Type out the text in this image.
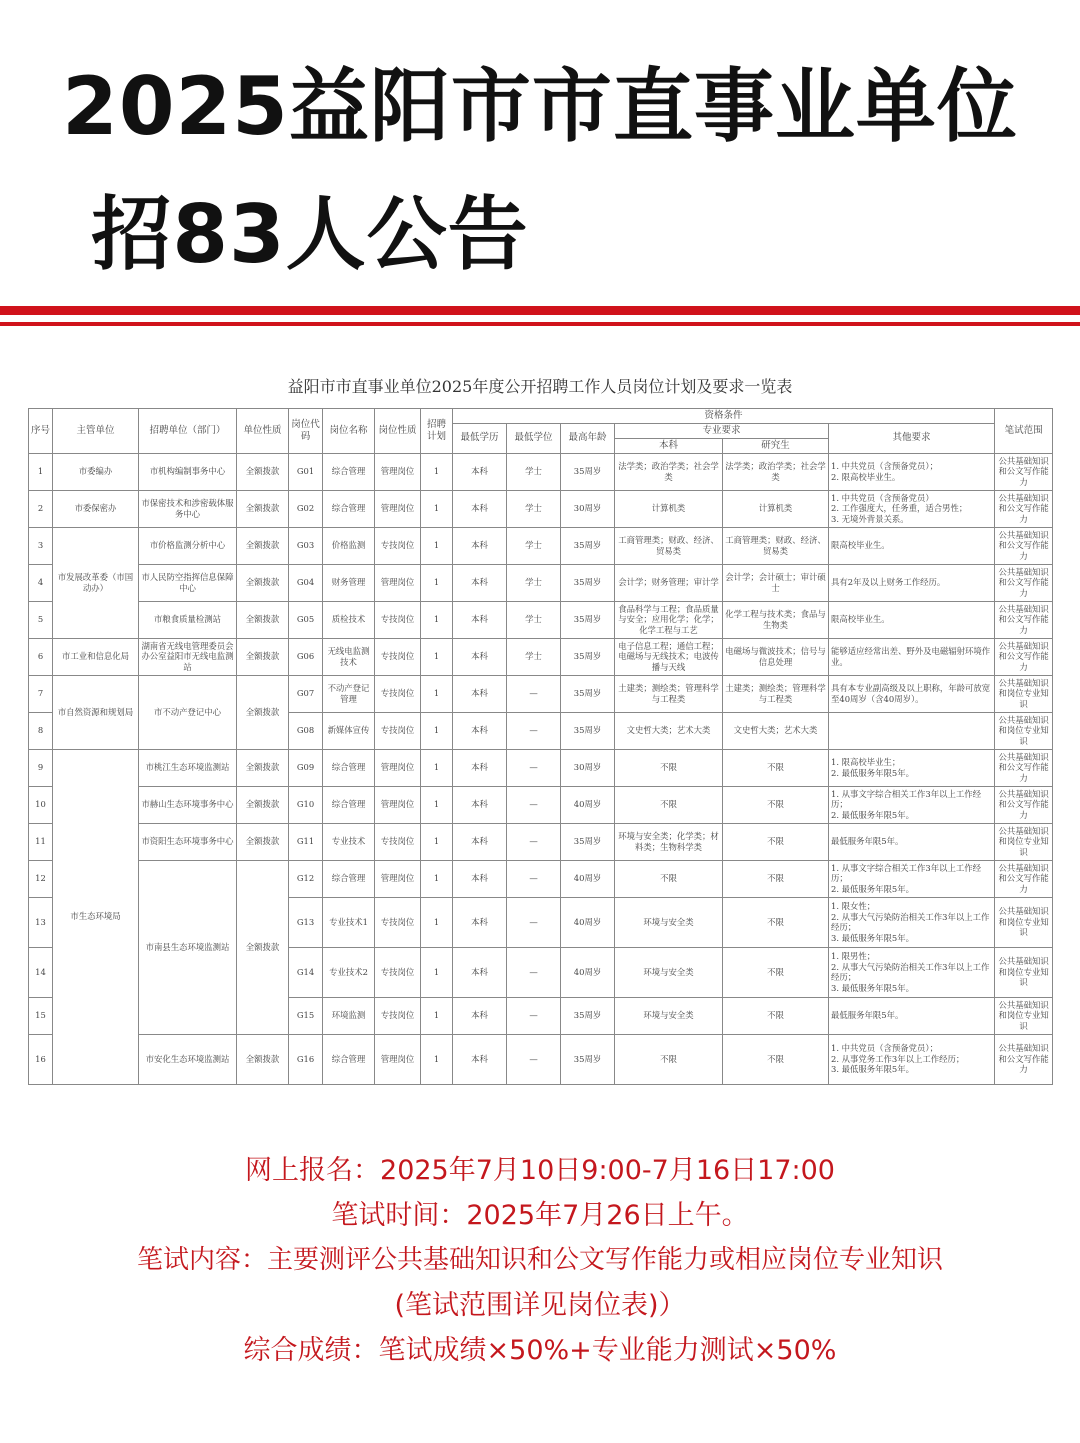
2025益阳市市直事业单位
招83人公告
益阳市市直事业单位2025年度公开招聘工作人员岗位计划及要求一览表
序号	主管单位	招聘单位（部门）	单位性质	岗位代码	岗位名称	岗位性质	招聘计划	资格条件						笔试范围
								最低学历	最低学位	最高年龄	专业要求		其他要求	
											本科	研究生		
1	市委编办	市机构编制事务中心	全额拨款	G01	综合管理	管理岗位	1	本科	学士	35周岁	法学类；政治学类；社会学类	法学类；政治学类；社会学类	1. 中共党员（含预备党员）；
2. 限高校毕业生。	公共基础知识和公文写作能力
2	市委保密办	市保密技术和涉密载体服务中心	全额拨款	G02	综合管理	管理岗位	1	本科	学士	30周岁	计算机类	计算机类	1. 中共党员（含预备党员）
2. 工作强度大，任务重，适合男性；
3. 无境外背景关系。	公共基础知识和公文写作能力
3	市发展改革委（市国动办）	市价格监测分析中心	全额拨款	G03	价格监测	专技岗位	1	本科	学士	35周岁	工商管理类；财政、经济、贸易类	工商管理类；财政、经济、贸易类	限高校毕业生。	公共基础知识和公文写作能力
4		市人民防空指挥信息保障中心	全额拨款	G04	财务管理	管理岗位	1	本科	学士	35周岁	会计学；财务管理；审计学	会计学；会计硕士；审计硕士	具有2年及以上财务工作经历。	公共基础知识和公文写作能力
5		市粮食质量检测站	全额拨款	G05	质检技术	专技岗位	1	本科	学士	35周岁	食品科学与工程；食品质量与安全；应用化学；化学；化学工程与工艺	化学工程与技术类；食品与生物类	限高校毕业生。	公共基础知识和公文写作能力
6	市工业和信息化局	湖南省无线电管理委员会办公室益阳市无线电监测站	全额拨款	G06	无线电监测技术	专技岗位	1	本科	学士	35周岁	电子信息工程；通信工程；电磁场与无线技术；电波传播与天线	电磁场与微波技术；信号与信息处理	能够适应经常出差、野外及电磁辐射环境作业。	公共基础知识和公文写作能力
7	市自然资源和规划局	市不动产登记中心	全额拨款	G07	不动产登记管理	专技岗位	1	本科	—	35周岁	土建类；测绘类；管理科学与工程类	土建类；测绘类；管理科学与工程类	具有本专业副高级及以上职称，年龄可放宽至40周岁（含40周岁）。	公共基础知识和岗位专业知识
8				G08	新媒体宣传	专技岗位	1	本科	—	35周岁	文史哲大类；艺术大类	文史哲大类；艺术大类		公共基础知识和岗位专业知识
9	市生态环境局	市桃江生态环境监测站	全额拨款	G09	综合管理	管理岗位	1	本科	—	30周岁	不限	不限	1. 限高校毕业生；
2. 最低服务年限5年。	公共基础知识和公文写作能力
10		市赫山生态环境事务中心	全额拨款	G10	综合管理	管理岗位	1	本科	—	40周岁	不限	不限	1. 从事文字综合相关工作3年以上工作经历；
2. 最低服务年限5年。	公共基础知识和公文写作能力
11		市资阳生态环境事务中心	全额拨款	G11	专业技术	专技岗位	1	本科	—	35周岁	环境与安全类；化学类；材料类；生物科学类	不限	最低服务年限5年。	公共基础知识和岗位专业知识
12		市南县生态环境监测站	全额拨款	G12	综合管理	管理岗位	1	本科	—	40周岁	不限	不限	1. 从事文字综合相关工作3年以上工作经历；
2. 最低服务年限5年。	公共基础知识和公文写作能力
13				G13	专业技术1	专技岗位	1	本科	—	40周岁	环境与安全类	不限	1. 限女性；
2. 从事大气污染防治相关工作3年以上工作经历；
3. 最低服务年限5年。	公共基础知识和岗位专业知识
14				G14	专业技术2	专技岗位	1	本科	—	40周岁	环境与安全类	不限	1. 限男性；
2. 从事大气污染防治相关工作3年以上工作经历；
3. 最低服务年限5年。	公共基础知识和岗位专业知识
15				G15	环境监测	专技岗位	1	本科	—	35周岁	环境与安全类	不限	最低服务年限5年。	公共基础知识和岗位专业知识
16		市安化生态环境监测站	全额拨款	G16	综合管理	管理岗位	1	本科	—	35周岁	不限	不限	1. 中共党员（含预备党员）；
2. 从事党务工作3年以上工作经历；
3. 最低服务年限5年。	公共基础知识和公文写作能力
网上报名：2025年7月10日9:00-7月16日17:00
笔试时间：2025年7月26日上午。
笔试内容：主要测评公共基础知识和公文写作能力或相应岗位专业知识
(笔试范围详见岗位表)）
综合成绩：笔试成绩×50%+专业能力测试×50%
